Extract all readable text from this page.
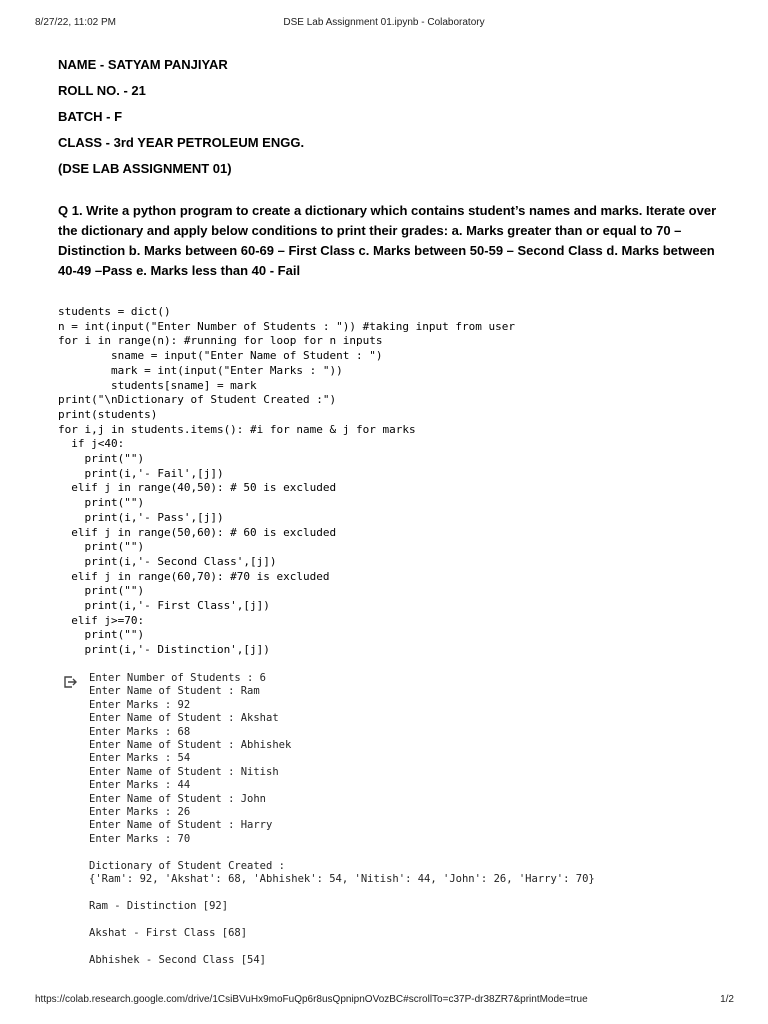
8/27/22, 11:02 PM	DSE Lab Assignment 01.ipynb - Colaboratory
NAME - SATYAM PANJIYAR
ROLL NO. - 21
BATCH - F
CLASS - 3rd YEAR PETROLEUM ENGG.
(DSE LAB ASSIGNMENT 01)
Q 1. Write a python program to create a dictionary which contains student’s names and marks. Iterate over the dictionary and apply below conditions to print their grades: a. Marks greater than or equal to 70 – Distinction b. Marks between 60-69 – First Class c. Marks between 50-59 – Second Class d. Marks between 40-49 –Pass e. Marks less than 40 - Fail
students = dict()
n = int(input("Enter Number of Students : ")) #taking input from user
for i in range(n): #running for loop for n inputs
sname = input("Enter Name of Student : ")
mark = int(input("Enter Marks : "))
students[sname] = mark
print("\nDictionary of Student Created :")
print(students)
for i,j in students.items(): #i for name & j for marks
if j<40:
print("")
print(i,'- Fail',[j])
elif j in range(40,50): # 50 is excluded
print("")
print(i,'- Pass',[j])
elif j in range(50,60): # 60 is excluded
print("")
print(i,'- Second Class',[j])
elif j in range(60,70): #70 is excluded
print("")
print(i,'- First Class',[j])
elif j>=70:
print("")
print(i,'- Distinction',[j])
Enter Number of Students : 6
Enter Name of Student : Ram
Enter Marks : 92
Enter Name of Student : Akshat
Enter Marks : 68
Enter Name of Student : Abhishek
Enter Marks : 54
Enter Name of Student : Nitish
Enter Marks : 44
Enter Name of Student : John
Enter Marks : 26
Enter Name of Student : Harry
Enter Marks : 70

Dictionary of Student Created :
{'Ram': 92, 'Akshat': 68, 'Abhishek': 54, 'Nitish': 44, 'John': 26, 'Harry': 70}

Ram - Distinction [92]

Akshat - First Class [68]

Abhishek - Second Class [54]
https://colab.research.google.com/drive/1CsiBVuHx9moFuQp6r8usQpnipnOVozBC#scrollTo=c37P-dr38ZR7&printMode=true	1/2
